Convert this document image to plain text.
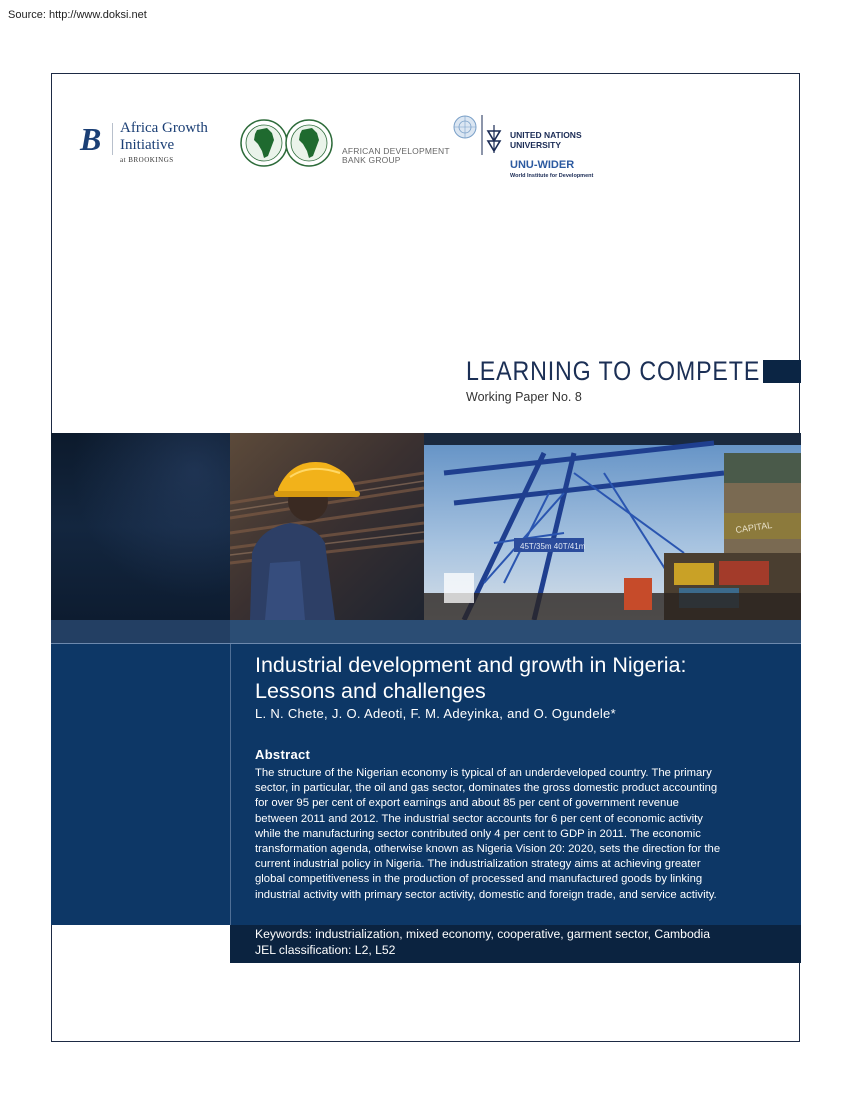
Source: http://www.doksi.net
B Africa Growth
Initiative
at BROOKINGS
AFRICAN DEVELOPMENT
BANK GROUP
UNITED NATIONS
UNIVERSITY
UNU-WIDER
World Institute for Development
LEARNING TO COMPETE
Working Paper No. 8
45T/35m 40T/41m
CAPITAL
Industrial development and growth in Nigeria:
Lessons and challenges
L. N. Chete, J. O. Adeoti, F. M. Adeyinka, and O. Ogundele*
Abstract
The structure of the Nigerian economy is typical of an underdeveloped country. The primary
sector, in particular, the oil and gas sector, dominates the gross domestic product accounting
for over 95 per cent of export earnings and about 85 per cent of government revenue
between 2011 and 2012. The industrial sector accounts for 6 per cent of economic activity
while the manufacturing sector contributed only 4 per cent to GDP in 2011. The economic
transformation agenda, otherwise known as Nigeria Vision 20: 2020, sets the direction for the
current industrial policy in Nigeria. The industrialization strategy aims at achieving greater
global competitiveness in the production of processed and manufactured goods by linking
industrial activity with primary sector activity, domestic and foreign trade, and service activity.
Keywords: industrialization, mixed economy, cooperative, garment sector, Cambodia
JEL classification: L2, L52
